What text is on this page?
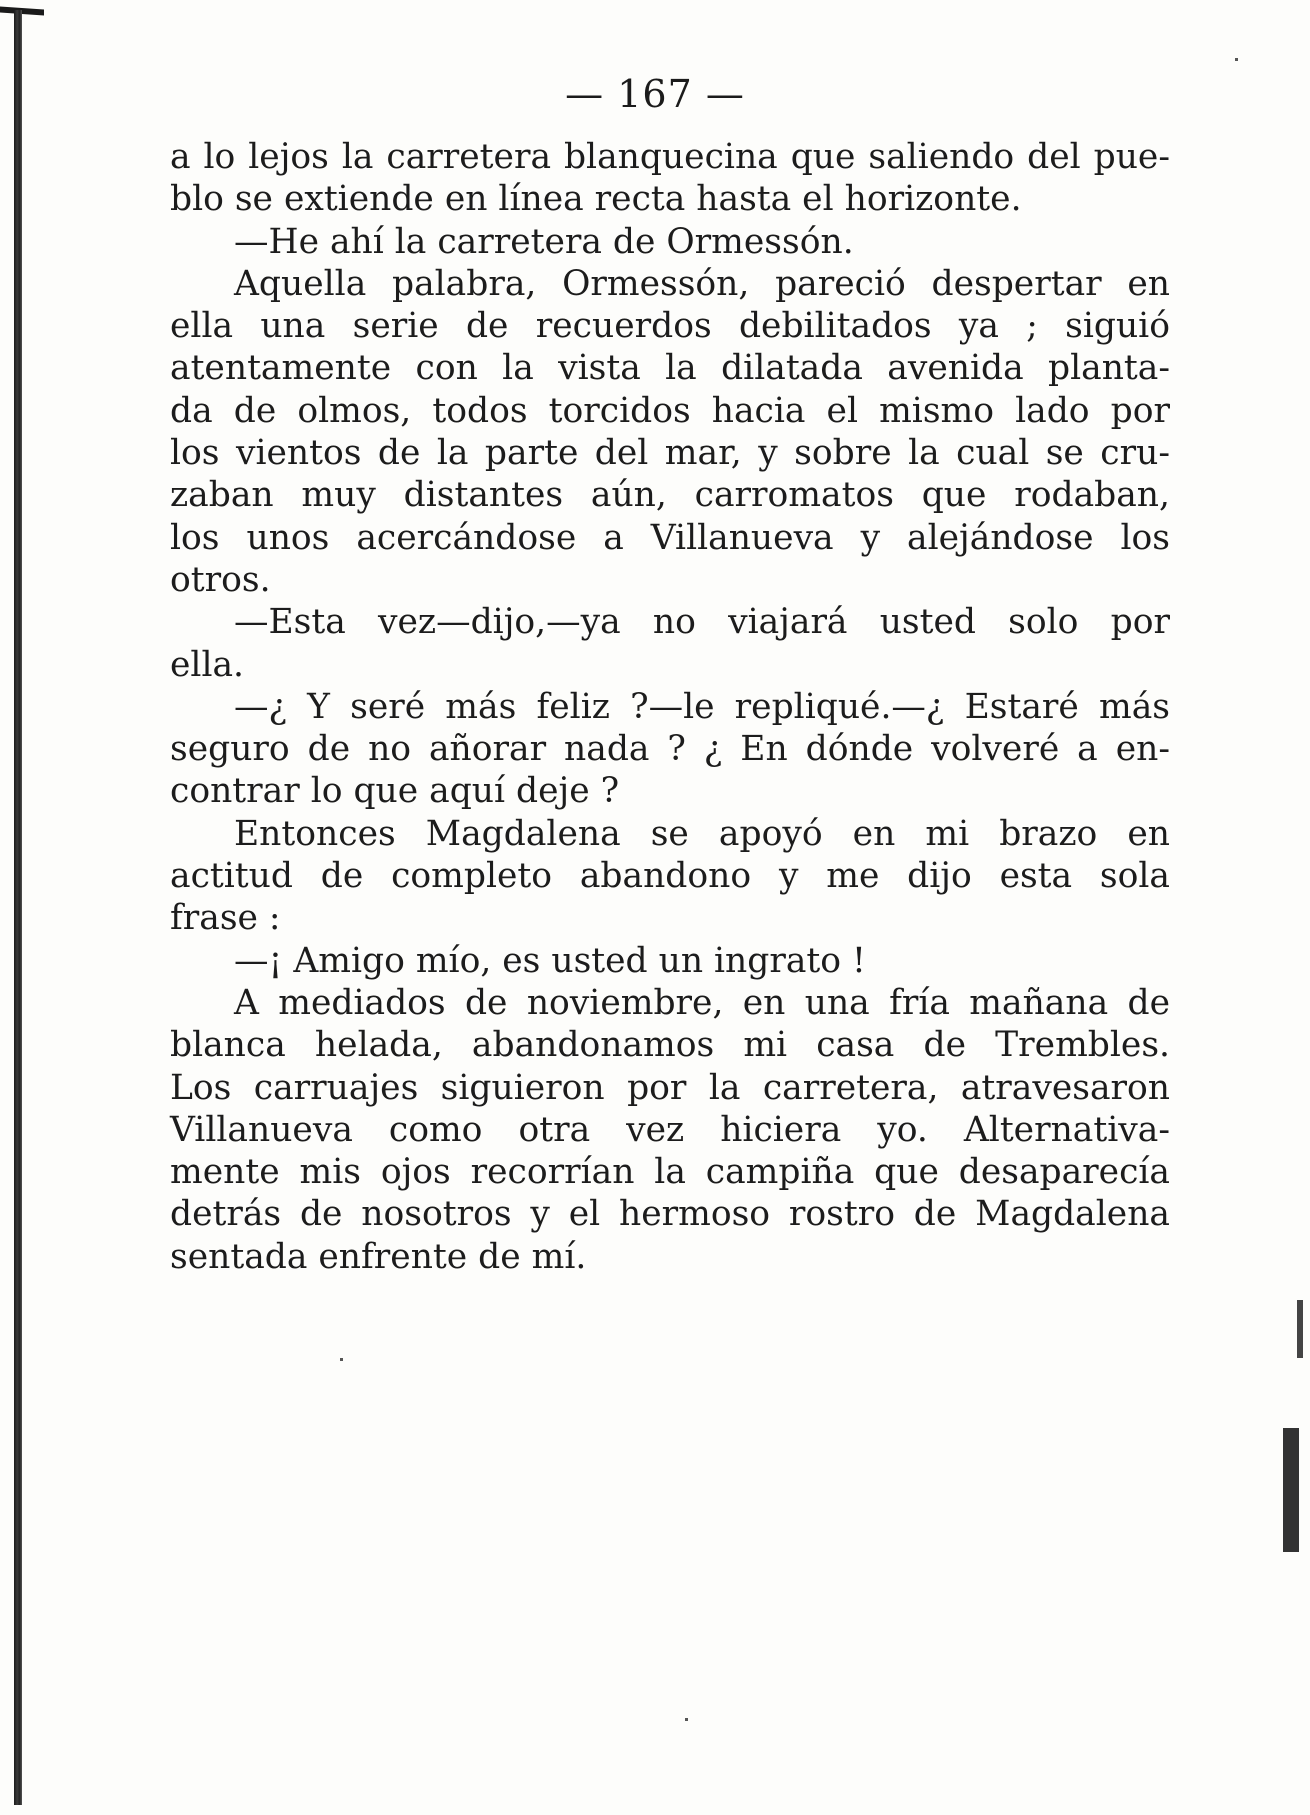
— 167 —
a lo lejos la carretera blanquecina que saliendo del pue-
blo se extiende en línea recta hasta el horizonte.
—He ahí la carretera de Ormessón.
Aquella palabra, Ormessón, pareció despertar en
ella una serie de recuerdos debilitados ya ; siguió
atentamente con la vista la dilatada avenida planta-
da de olmos, todos torcidos hacia el mismo lado por
los vientos de la parte del mar, y sobre la cual se cru-
zaban muy distantes aún, carromatos que rodaban,
los unos acercándose a Villanueva y alejándose los
otros.
—Esta vez—dijo,—ya no viajará usted solo por
ella.
—¿ Y seré más feliz ?—le repliqué.—¿ Estaré más
seguro de no añorar nada ? ¿ En dónde volveré a en-
contrar lo que aquí deje ?
Entonces Magdalena se apoyó en mi brazo en
actitud de completo abandono y me dijo esta sola
frase :
—¡ Amigo mío, es usted un ingrato !
A mediados de noviembre, en una fría mañana de
blanca helada, abandonamos mi casa de Trembles.
Los carruajes siguieron por la carretera, atravesaron
Villanueva como otra vez hiciera yo. Alternativa-
mente mis ojos recorrían la campiña que desaparecía
detrás de nosotros y el hermoso rostro de Magdalena
sentada enfrente de mí.
